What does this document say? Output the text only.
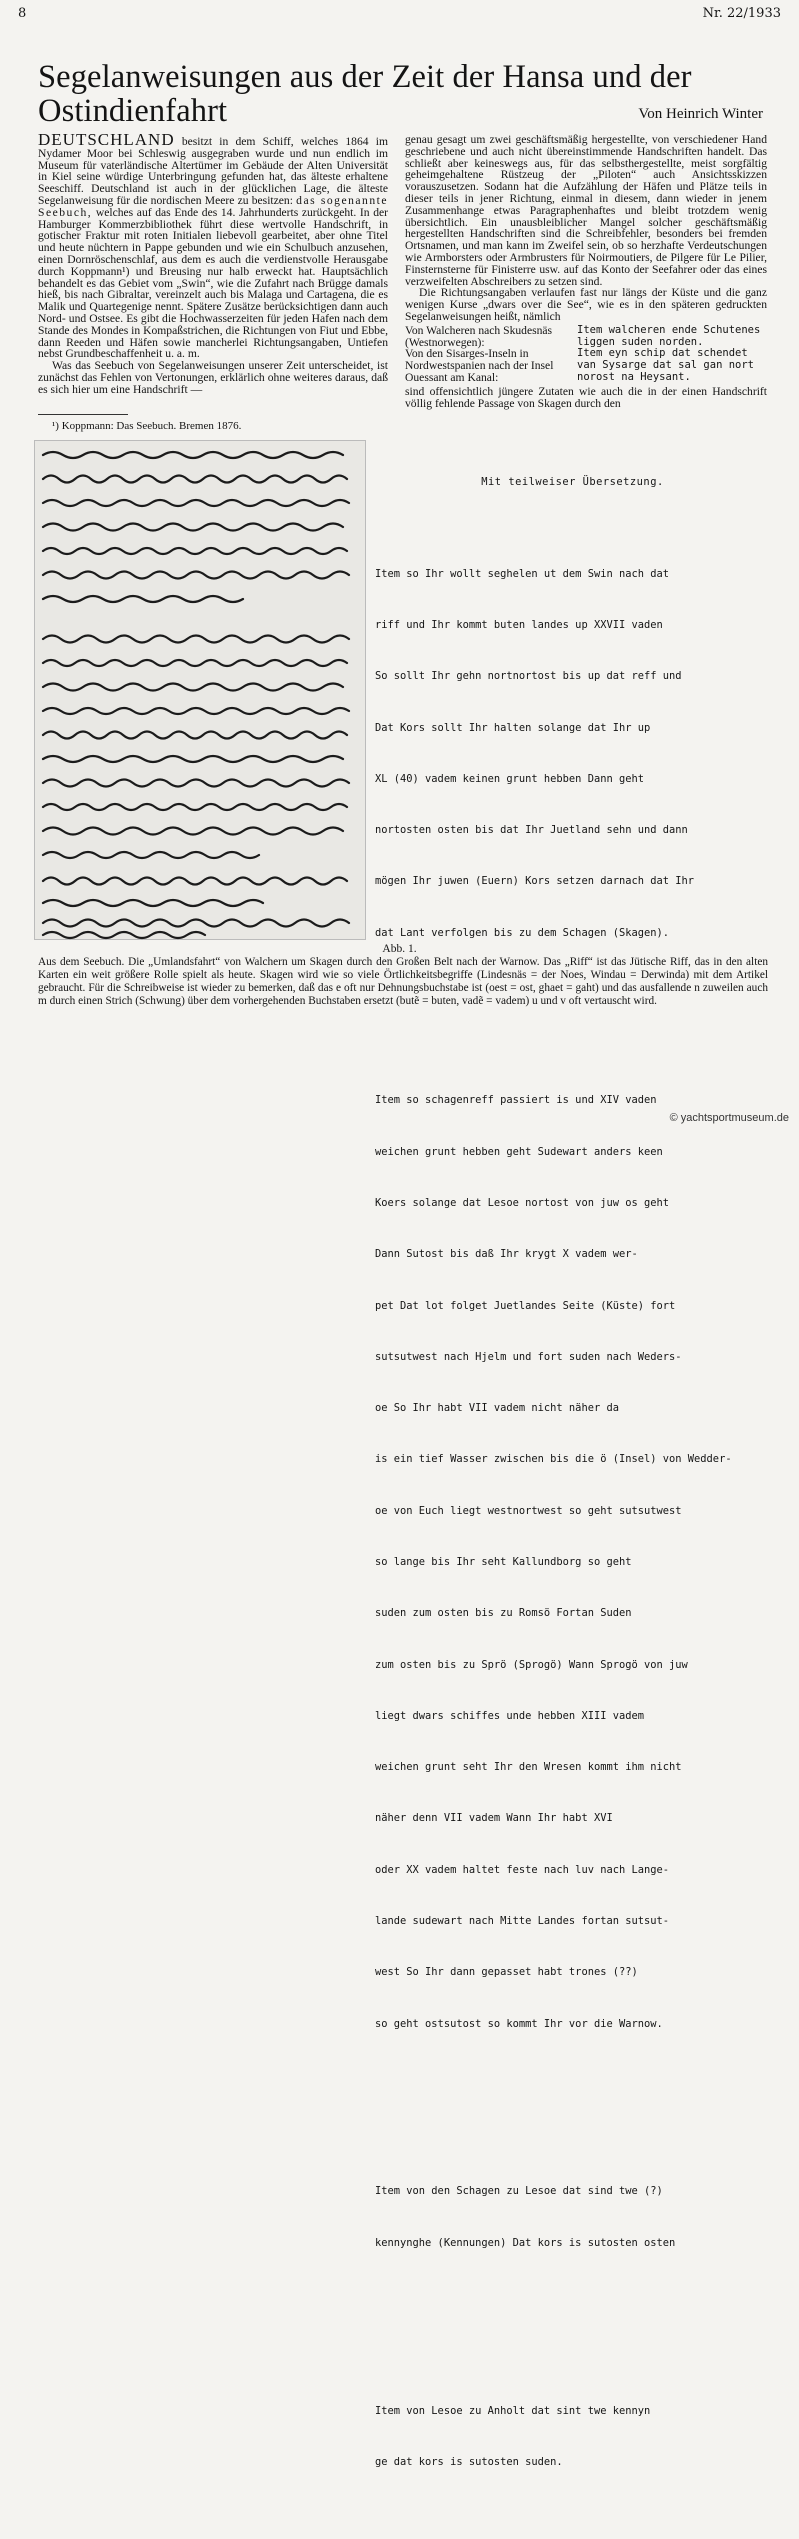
8	Nr. 22/1933
Segelanweisungen aus der Zeit der Hansa und der Ostindienfahrt	Von Heinrich Winter

DEUTSCHLAND besitzt in dem Schiff, welches 1864 im Nydamer Moor bei Schleswig ausgegraben wurde und nun endlich im Museum für vaterländische Altertümer im Gebäude der Alten Universität in Kiel seine würdige Unterbringung gefunden hat, das älteste erhaltene Seeschiff. Deutschland ist auch in der glücklichen Lage, die älteste Segelanweisung für die nordischen Meere zu besitzen: das sogenannte Seebuch, welches auf das Ende des 14. Jahrhunderts zurückgeht. In der Hamburger Kommerzbibliothek führt diese wertvolle Handschrift, in gotischer Fraktur mit roten Initialen liebevoll gearbeitet, aber ohne Titel und heute nüchtern in Pappe gebunden und wie ein Schulbuch anzusehen, einen Dornröschenschlaf, aus dem es auch die verdienstvolle Herausgabe durch Koppmann¹) und Breusing nur halb erweckt hat. Hauptsächlich behandelt es das Gebiet vom „Swin“, wie die Zufahrt nach Brügge damals hieß, bis nach Gibraltar, vereinzelt auch bis Malaga und Cartagena, die es Malik und Quartegenige nennt. Spätere Zusätze berücksichtigen dann auch Nord- und Ostsee. Es gibt die Hochwasserzeiten für jeden Hafen nach dem Stande des Mondes in Kompaßstrichen, die Richtungen von Fiut und Ebbe, dann Reeden und Häfen sowie mancherlei Richtungsangaben, Untiefen nebst Grundbeschaffenheit u. a. m.

Was das Seebuch von Segelanweisungen unserer Zeit unterscheidet, ist zunächst das Fehlen von Vertonungen, erklärlich ohne weiteres daraus, daß es sich hier um eine Handschrift —

¹) Koppmann: Das Seebuch. Bremen 1876.

genau gesagt um zwei geschäftsmäßig hergestellte, von verschiedener Hand geschriebene und auch nicht übereinstimmende Handschriften handelt. Das schließt aber keineswegs aus, für das selbsthergestellte, meist sorgfältig geheimgehaltene Rüstzeug der „Piloten“ auch Ansichtsskizzen vorauszusetzen. Sodann hat die Aufzählung der Häfen und Plätze teils in dieser teils in jener Richtung, einmal in diesem, dann wieder in jenem Zusammenhange etwas Paragraphenhaftes und bleibt trotzdem wenig übersichtlich. Ein unausbleiblicher Mangel solcher geschäftsmäßig hergestellten Handschriften sind die Schreibfehler, besonders bei fremden Ortsnamen, und man kann im Zweifel sein, ob so herzhafte Verdeutschungen wie Armborsters oder Armbrusters für Noirmoutiers, de Pilgere für Le Pilier, Finsternsterne für Finisterre usw. auf das Konto der Seefahrer oder das eines verzweifelten Abschreibers zu setzen sind.

Die Richtungsangaben verlaufen fast nur längs der Küste und die ganz wenigen Kurse „dwars over die See“, wie es in den späteren gedruckten Segelanweisungen heißt, nämlich

Von Walcheren nach Skudesnäs (Westnorwegen):
Item walcheren ende Schutenes liggen suden norden.
Von den Sisarges-Inseln in Nordwestspanien nach der Insel Ouessant am Kanal:
Item eyn schip dat schendet van Sysarge dat sal gan nort norost na Heysant.

sind offensichtlich jüngere Zutaten wie auch die in der einen Handschrift völlig fehlende Passage von Skagen durch den

Mit teilweiser Übersetzung.

Item so Ihr wollt seghelen ut dem Swin nach dat

riff und Ihr kommt buten landes up XXVII vaden

So sollt Ihr gehn nortnortost bis up dat reff und

Dat Kors sollt Ihr halten solange dat Ihr up

XL (40) vadem keinen grunt hebben Dann geht

nortosten osten bis dat Ihr Juetland sehn und dann

mögen Ihr juwen (Euern) Kors setzen darnach dat Ihr

dat Lant verfolgen bis zu dem Schagen (Skagen).

Item so schagenreff passiert is und XIV vaden

weichen grunt hebben geht Sudewart anders keen

Koers solange dat Lesoe nortost von juw os geht

Dann Sutost bis daß Ihr krygt X vadem wer-

pet Dat lot folget Juetlandes Seite (Küste) fort

sutsutwest nach Hjelm und fort suden nach Weders-

oe So Ihr habt VII vadem nicht näher da

is ein tief Wasser zwischen bis die ö (Insel) von Wedder-

oe von Euch liegt westnortwest so geht sutsutwest

so lange bis Ihr seht Kallundborg so geht

suden zum osten bis zu Romsö Fortan Suden

zum osten bis zu Sprö (Sprogö) Wann Sprogö von juw

liegt dwars schiffes unde hebben XIII vadem

weichen grunt seht Ihr den Wresen kommt ihm nicht

näher denn VII vadem Wann Ihr habt XVI

oder XX vadem haltet feste nach luv nach Lange-

lande sudewart nach Mitte Landes fortan sutsut-

west So Ihr dann gepasset habt trones (??)

so geht ostsutost so kommt Ihr vor die Warnow.

Item von den Schagen zu Lesoe dat sind twe (?)

kennynghe (Kennungen) Dat kors is sutosten osten

Item von Lesoe zu Anholt dat sint twe kennyn

ge dat kors is sutosten suden.

Abb. 1.

Aus dem Seebuch. Die „Umlandsfahrt“ von Walchern um Skagen durch den Großen Belt nach der Warnow. Das „Riff“ ist das Jütische Riff, das in den alten Karten ein weit größere Rolle spielt als heute. Skagen wird wie so viele Örtlichkeitsbegriffe (Lindesnäs = der Noes, Windau = Derwinda) mit dem Artikel gebraucht. Für die Schreibweise ist wieder zu bemerken, daß das e oft nur Dehnungsbuchstabe ist (oest = ost, ghaet = gaht) und das ausfallende n zuweilen auch m durch einen Strich (Schwung) über dem vorhergehenden Buchstaben ersetzt (butẽ = buten, vadẽ = vadem) u und v oft vertauscht wird.

© yachtsportmuseum.de
